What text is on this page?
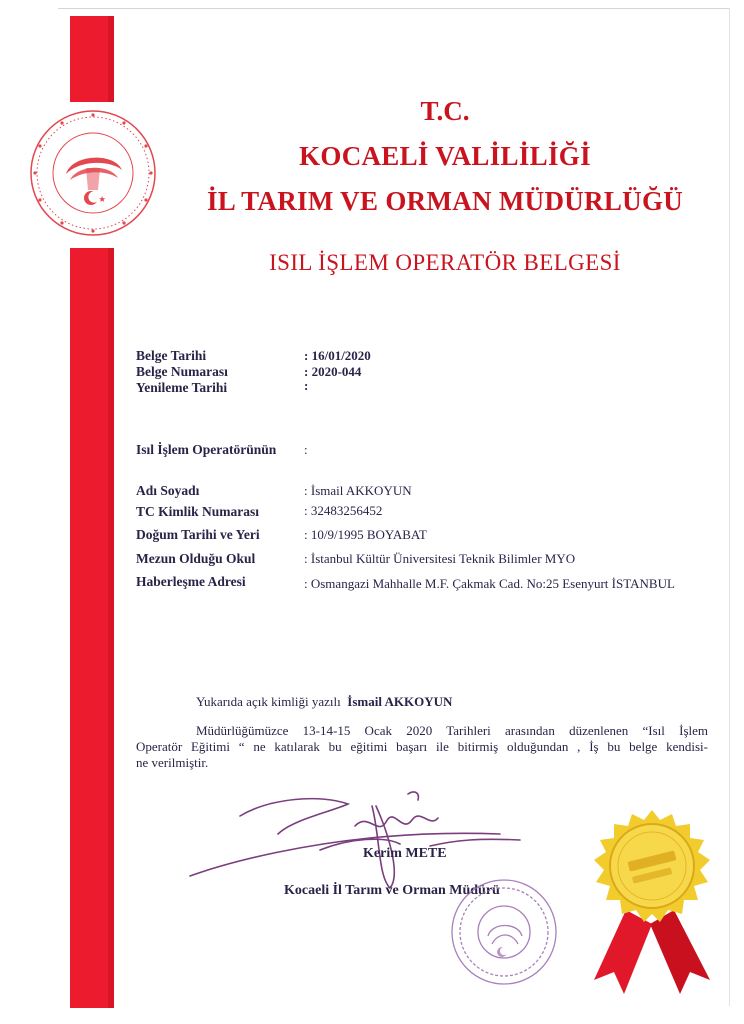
T.C.
KOCAELİ VALİLİLİĞİ
İL TARIM VE ORMAN MÜDÜRLÜĞÜ
ISIL İŞLEM OPERATÖR BELGESİ
Belge Tarihi	: 16/01/2020
Belge Numarası	: 2020-044
Yenileme Tarihi	:
Isıl İşlem Operatörünün :
Adı Soyadı	: İsmail AKKOYUN
TC Kimlik Numarası	: 32483256452
Doğum Tarihi ve Yeri	: 10/9/1995 BOYABAT
Mezun Olduğu Okul	: İstanbul Kültür Üniversitesi Teknik Bilimler MYO
Haberleşme Adresi	: Osmangazi Mahhalle M.F. Çakmak Cad. No:25 Esenyurt İSTANBUL
Yukarıda açık kimliği yazılı İsmail AKKOYUN
Müdürlüğümüzce 13-14-15 Ocak 2020 Tarihleri arasından düzenlenen “Isıl İşlem
Operatör Eğitimi “ ne katılarak bu eğitimi başarı ile bitirmiş olduğundan , İş bu belge kendisi-
ne verilmiştir.
Kerim METE
Kocaeli İl Tarım ve Orman Müdürü
